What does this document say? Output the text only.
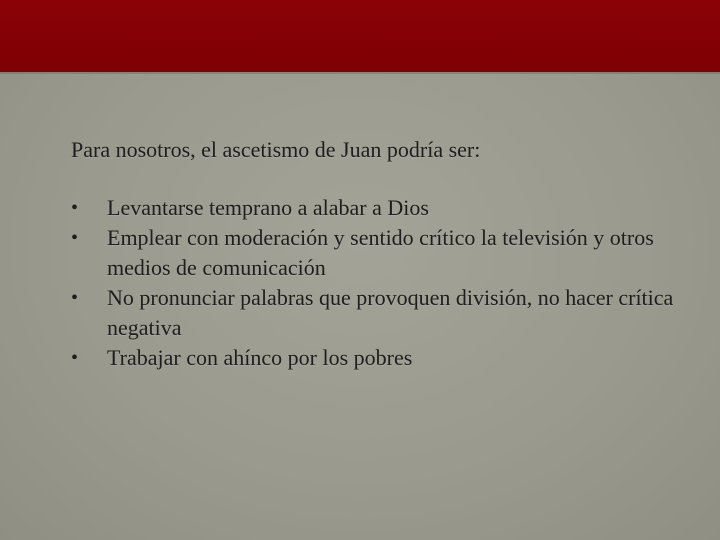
Para nosotros, el ascetismo de Juan podría ser:

•	Levantarse temprano a alabar a Dios
•	Emplear con moderación y sentido crítico la televisión y otros medios de comunicación
•	No pronunciar palabras que provoquen división, no hacer crítica negativa
•	Trabajar con ahínco por los pobres
